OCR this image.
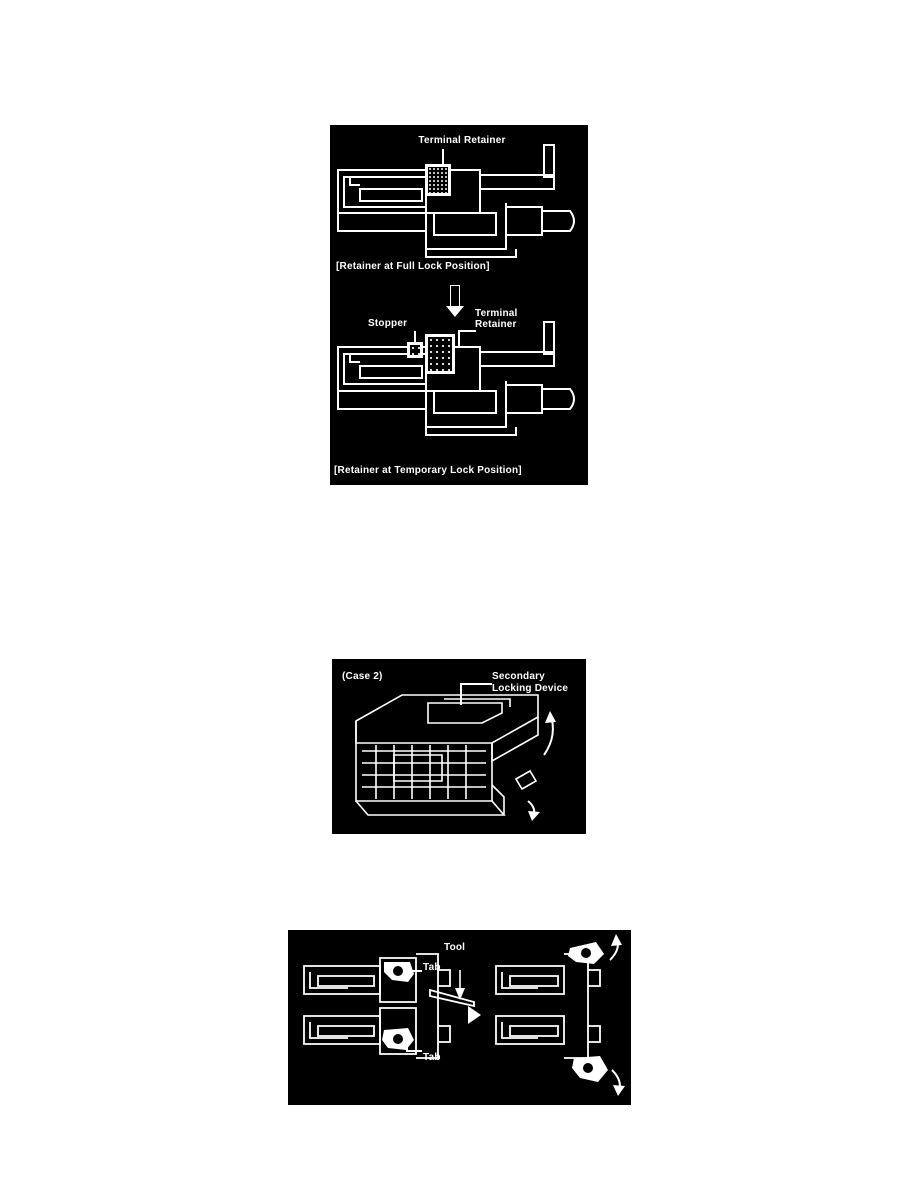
Terminal Retainer
[Retainer at Full Lock Position]
Stopper
Terminal
Retainer
[Retainer at Temporary Lock Position]
(Case 2)	Secondary
Locking Device
Tool
Tab
Tab
